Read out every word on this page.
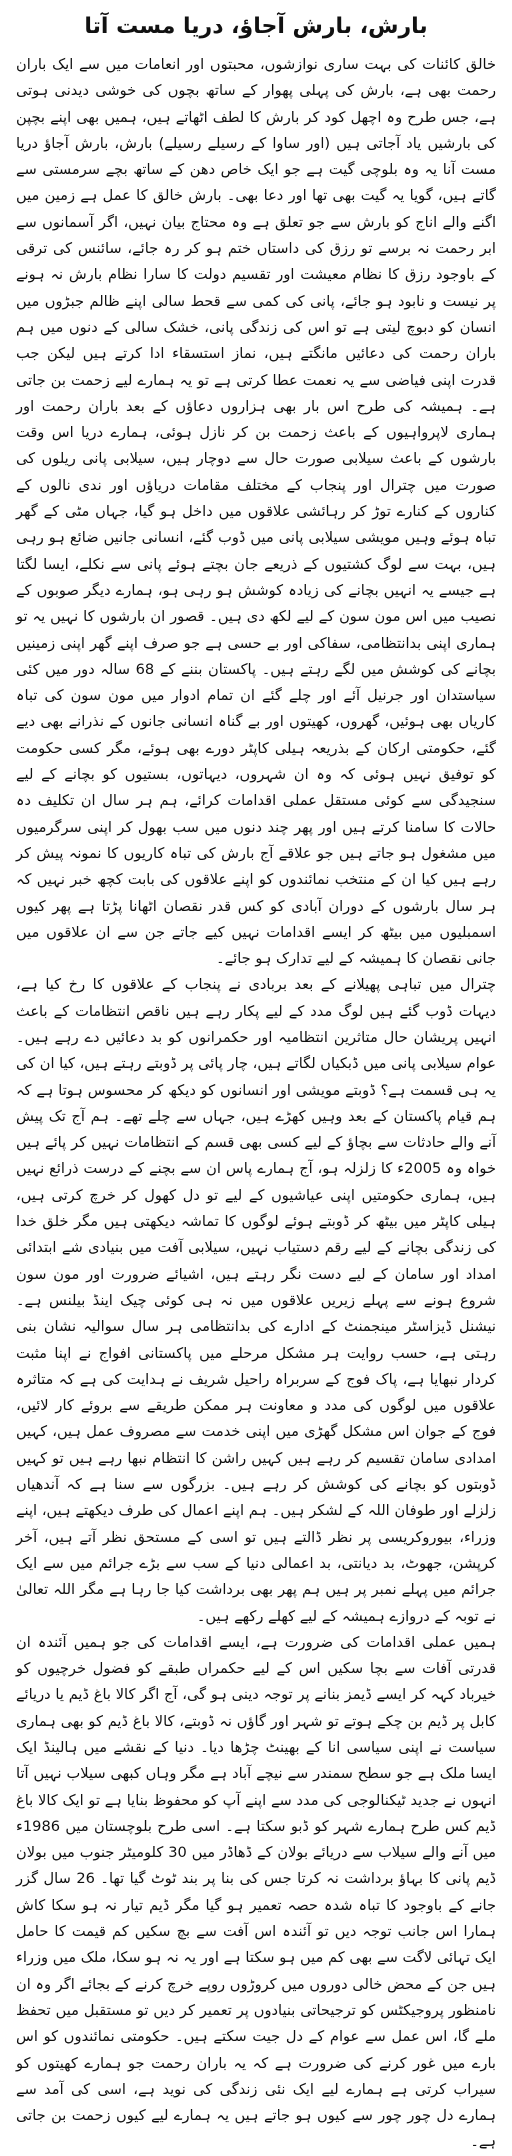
بارش، بارش آجاؤ، دریا مست آتا

خالق کائنات کی بہت ساری نوازشوں، محبتوں اور انعامات میں سے ایک باران رحمت بھی ہے، بارش کی پہلی پھوار کے ساتھ بچوں کی خوشی دیدنی ہوتی ہے، جس طرح وہ اچھل کود کر بارش کا لطف اٹھاتے ہیں، ہمیں بھی اپنے بچپن کی بارشیں یاد آجاتی ہیں (اور ساوا کے رسیلے رسیلے) بارش، بارش آجاؤ دریا مست آنا یہ وہ بلوچی گیت ہے جو ایک خاص دھن کے ساتھ بچے سرمستی سے گاتے ہیں، گویا یہ گیت بھی تھا اور دعا بھی۔ بارش خالق کا عمل ہے زمین میں اگنے والے اناج کو بارش سے جو تعلق ہے وہ محتاج بیان نہیں، اگر آسمانوں سے ابر رحمت نہ برسے تو رزق کی داستاں ختم ہو کر رہ جائے، سائنس کی ترقی کے باوجود رزق کا نظام معیشت اور تقسیم دولت کا سارا نظام بارش نہ ہونے پر نیست و نابود ہو جائے، پانی کی کمی سے قحط سالی اپنے ظالم جبڑوں میں انسان کو دبوچ لیتی ہے تو اس کی زندگی پانی، خشک سالی کے دنوں میں ہم باران رحمت کی دعائیں مانگتے ہیں، نماز استسقاء ادا کرتے ہیں لیکن جب قدرت اپنی فیاضی سے یہ نعمت عطا کرتی ہے تو یہ ہمارے لیے زحمت بن جاتی ہے۔ ہمیشہ کی طرح اس بار بھی ہزاروں دعاؤں کے بعد باران رحمت اور ہماری لاپرواہیوں کے باعث زحمت بن کر نازل ہوئی، ہمارے دریا اس وقت بارشوں کے باعث سیلابی صورت حال سے دوچار ہیں، سیلابی پانی ریلوں کی صورت میں چترال اور پنجاب کے مختلف مقامات دریاؤں اور ندی نالوں کے کناروں کے کنارے توڑ کر رہائشی علاقوں میں داخل ہو گیا، جہاں مٹی کے گھر تباہ ہوئے وہیں مویشی سیلابی پانی میں ڈوب گئے، انسانی جانیں ضائع ہو رہی ہیں، بہت سے لوگ کشتیوں کے ذریعے جان بچتے ہوئے پانی سے نکلے، ایسا لگتا ہے جیسے یہ انہیں بچانے کی زیادہ کوشش ہو رہی ہو، ہمارے دیگر صوبوں کے نصیب میں اس مون سون کے لیے لکھ دی ہیں۔ قصور ان بارشوں کا نہیں یہ تو ہماری اپنی بدانتظامی، سفاکی اور بے حسی ہے جو صرف اپنے گھر اپنی زمینیں بچانے کی کوشش میں لگے رہتے ہیں۔ پاکستان بننے کے 68 سالہ دور میں کئی سیاستدان اور جرنیل آئے اور چلے گئے ان تمام ادوار میں مون سون کی تباہ کاریاں بھی ہوئیں، گھروں، کھیتوں اور بے گناہ انسانی جانوں کے نذرانے بھی دیے گئے، حکومتی ارکان کے بذریعہ ہیلی کاپٹر دورے بھی ہوئے، مگر کسی حکومت کو توفیق نہیں ہوئی کہ وہ ان شہروں، دیہاتوں، بستیوں کو بچانے کے لیے سنجیدگی سے کوئی مستقل عملی اقدامات کرائے، ہم ہر سال ان تکلیف دہ حالات کا سامنا کرتے ہیں اور پھر چند دنوں میں سب بھول کر اپنی سرگرمیوں میں مشغول ہو جاتے ہیں جو علاقے آج بارش کی تباہ کاریوں کا نمونہ پیش کر رہے ہیں کیا ان کے منتخب نمائندوں کو اپنے علاقوں کی بابت کچھ خبر نہیں کہ ہر سال بارشوں کے دوران آبادی کو کس قدر نقصان اٹھانا پڑتا ہے پھر کیوں اسمبلیوں میں بیٹھ کر ایسے اقدامات نہیں کیے جاتے جن سے ان علاقوں میں جانی نقصان کا ہمیشہ کے لیے تدارک ہو جائے۔

چترال میں تباہی پھیلانے کے بعد بربادی نے پنجاب کے علاقوں کا رخ کیا ہے، دیہات ڈوب گئے ہیں لوگ مدد کے لیے پکار رہے ہیں ناقص انتظامات کے باعث انہیں پریشان حال متاثرین انتظامیہ اور حکمرانوں کو بد دعائیں دے رہے ہیں۔ عوام سیلابی پانی میں ڈبکیاں لگاتے ہیں، چار پائی پر ڈوبتے رہتے ہیں، کیا ان کی یہ ہی قسمت ہے؟ ڈوبتے مویشی اور انسانوں کو دیکھ کر محسوس ہوتا ہے کہ ہم قیام پاکستان کے بعد وہیں کھڑے ہیں، جہاں سے چلے تھے۔ ہم آج تک پیش آنے والے حادثات سے بچاؤ کے لیے کسی بھی قسم کے انتظامات نہیں کر پائے ہیں خواہ وہ 2005ء کا زلزلہ ہو، آج ہمارے پاس ان سے بچنے کے درست ذرائع نہیں ہیں، ہماری حکومتیں اپنی عیاشیوں کے لیے تو دل کھول کر خرچ کرتی ہیں، ہیلی کاپٹر میں بیٹھ کر ڈوبتے ہوئے لوگوں کا تماشہ دیکھتی ہیں مگر خلق خدا کی زندگی بچانے کے لیے رقم دستیاب نہیں، سیلابی آفت میں بنیادی شے ابتدائی امداد اور سامان کے لیے دست نگر رہتے ہیں، اشیائے ضرورت اور مون سون شروع ہونے سے پہلے زیریں علاقوں میں نہ ہی کوئی چیک اینڈ بیلنس ہے۔ نیشنل ڈیزاسٹر مینجمنٹ کے ادارے کی بدانتظامی ہر سال سوالیہ نشان بنی رہتی ہے، حسب روایت ہر مشکل مرحلے میں پاکستانی افواج نے اپنا مثبت کردار نبھایا ہے، پاک فوج کے سربراہ راحیل شریف نے ہدایت کی ہے کہ متاثرہ علاقوں میں لوگوں کی مدد و معاونت ہر ممکن طریقے سے بروئے کار لائیں، فوج کے جوان اس مشکل گھڑی میں اپنی خدمت سے مصروف عمل ہیں، کہیں امدادی سامان تقسیم کر رہے ہیں کہیں راشن کا انتظام نبھا رہے ہیں تو کہیں ڈوبتوں کو بچانے کی کوشش کر رہے ہیں۔ بزرگوں سے سنا ہے کہ آندھیاں زلزلے اور طوفان اللہ کے لشکر ہیں۔ ہم اپنے اعمال کی طرف دیکھتے ہیں، اپنے وزراء، بیوروکریسی پر نظر ڈالتے ہیں تو اسی کے مستحق نظر آتے ہیں، آخر کرپشن، جھوٹ، بد دیانتی، بد اعمالی دنیا کے سب سے بڑے جرائم میں سے ایک جرائم میں پہلے نمبر پر ہیں ہم پھر بھی برداشت کیا جا رہا ہے مگر اللہ تعالیٰ نے توبہ کے دروازے ہمیشہ کے لیے کھلے رکھے ہیں۔

ہمیں عملی اقدامات کی ضرورت ہے، ایسے اقدامات کی جو ہمیں آئندہ ان قدرتی آفات سے بچا سکیں اس کے لیے حکمراں طبقے کو فضول خرچیوں کو خیرباد کہہ کر ایسے ڈیمز بنانے پر توجہ دینی ہو گی، آج اگر کالا باغ ڈیم یا دریائے کابل پر ڈیم بن چکے ہوتے تو شہر اور گاؤں نہ ڈوبتے، کالا باغ ڈیم کو بھی ہماری سیاست نے اپنی سیاسی انا کے بھینٹ چڑھا دیا۔ دنیا کے نقشے میں ہالینڈ ایک ایسا ملک ہے جو سطح سمندر سے نیچے آباد ہے مگر وہاں کبھی سیلاب نہیں آتا انہوں نے جدید ٹیکنالوجی کی مدد سے اپنے آپ کو محفوظ بنایا ہے تو ایک کالا باغ ڈیم کس طرح ہمارے شہر کو ڈبو سکتا ہے۔ اسی طرح بلوچستان میں 1986ء میں آنے والے سیلاب سے دریائے بولان کے ڈھاڈر میں 30 کلومیٹر جنوب میں بولان ڈیم پانی کا بہاؤ برداشت نہ کرتا جس کی بنا پر بند ٹوٹ گیا تھا۔ 26 سال گزر جانے کے باوجود کا تباہ شدہ حصہ تعمیر ہو گیا مگر ڈیم تیار نہ ہو سکا کاش ہمارا اس جانب توجہ دیں تو آئندہ اس آفت سے بچ سکیں کم قیمت کا حامل ایک تہائی لاگت سے بھی کم میں ہو سکتا ہے اور یہ نہ ہو سکا، ملک میں وزراء ہیں جن کے محض خالی دوروں میں کروڑوں روپے خرچ کرنے کے بجائے اگر وہ ان نامنظور پروجیکٹس کو ترجیحاتی بنیادوں پر تعمیر کر دیں تو مستقبل میں تحفظ ملے گا، اس عمل سے عوام کے دل جیت سکتے ہیں۔ حکومتی نمائندوں کو اس بارے میں غور کرنے کی ضرورت ہے کہ یہ باران رحمت جو ہمارے کھیتوں کو سیراب کرتی ہے ہمارے لیے ایک نئی زندگی کی نوید ہے، اسی کی آمد سے ہمارے دل چور چور سے کیوں ہو جاتے ہیں یہ ہمارے لیے کیوں زحمت بن جاتی ہے۔
